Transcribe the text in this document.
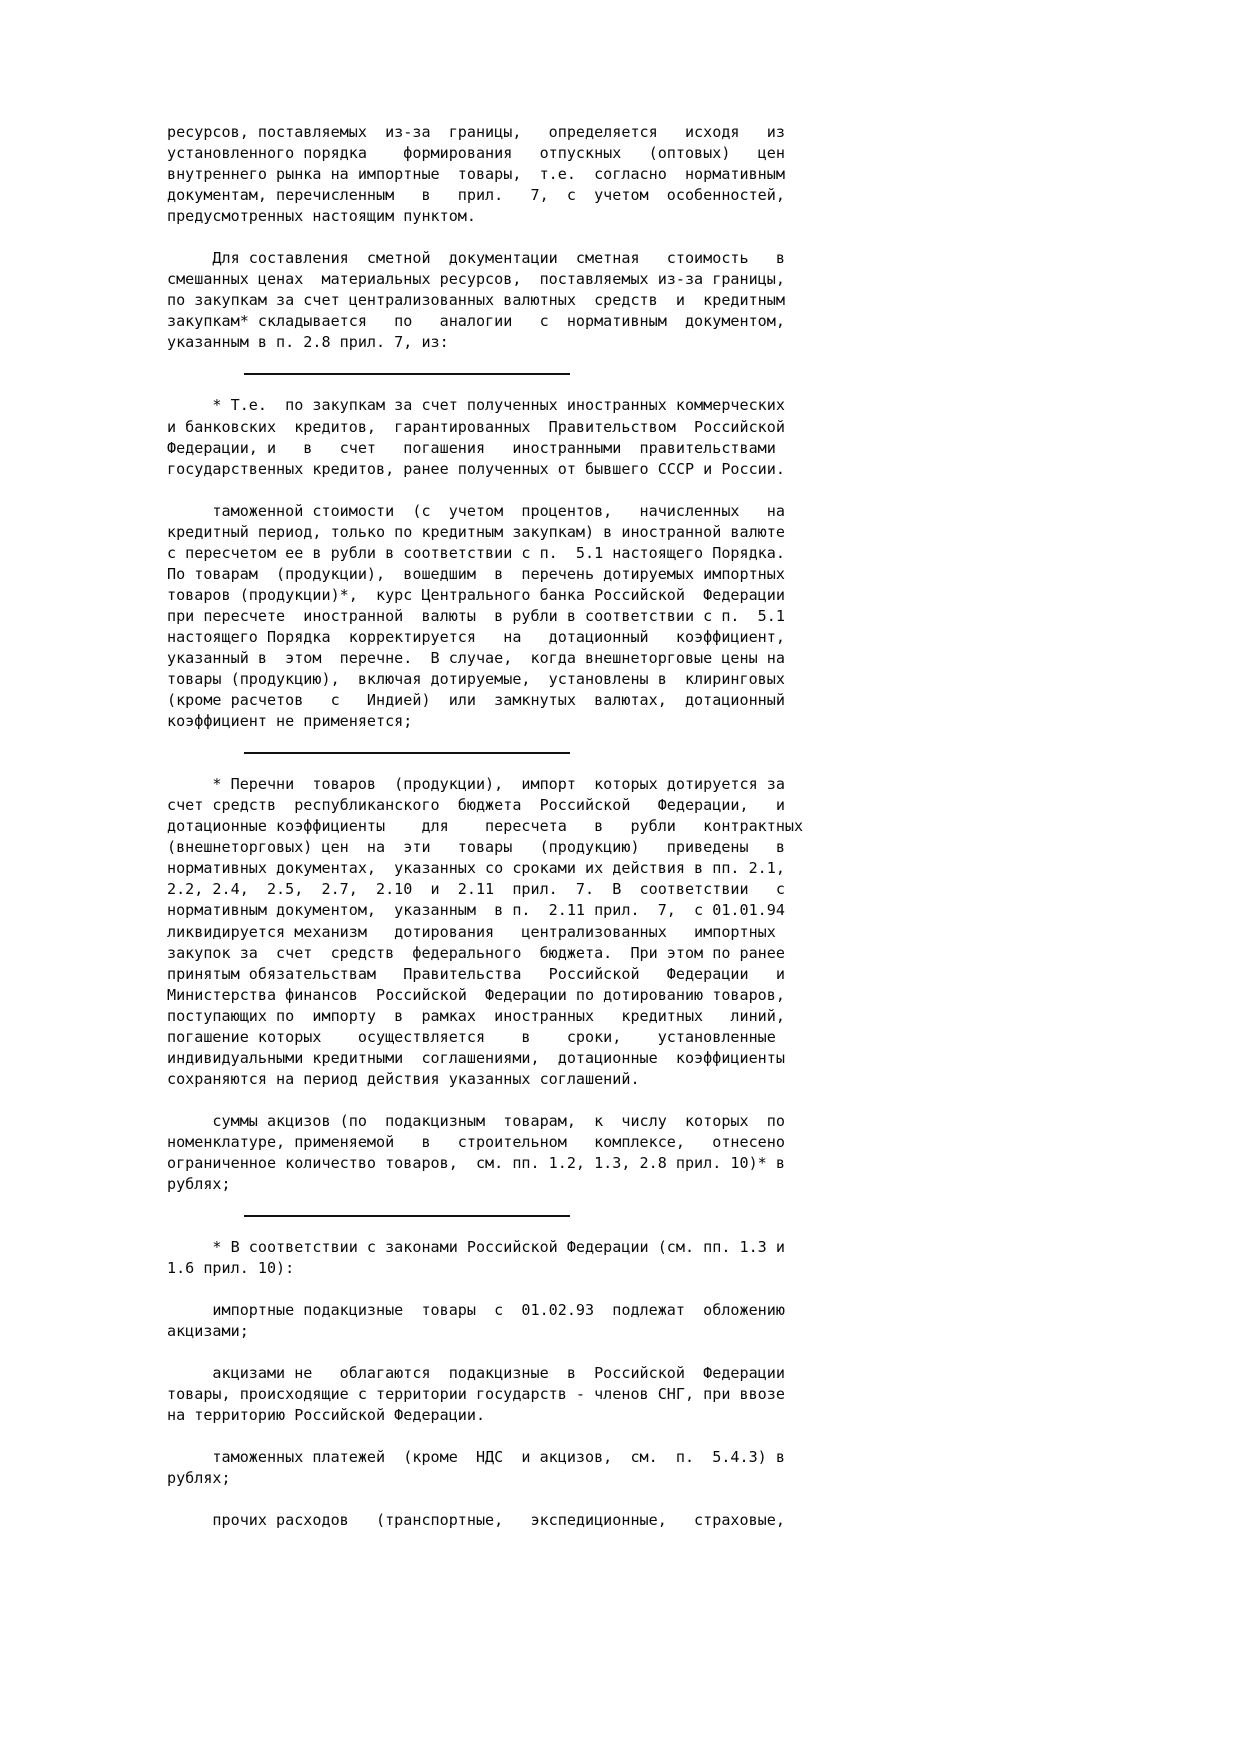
ресурсов, поставляемых  из-за  границы,   определяется   исходя   из
установленного порядка    формирования   отпускных   (оптовых)   цен
внутреннего рынка на импортные  товары,  т.е.  согласно  нормативным
документам, перечисленным   в   прил.   7,  с  учетом  особенностей,
предусмотренных настоящим пунктом.
Для составления  сметной  документации  сметная   стоимость   в
смешанных ценах  материальных ресурсов,  поставляемых из-за границы,
по закупкам за счет централизованных валютных  средств  и  кредитным
закупкам* складывается   по   аналогии   с  нормативным  документом,
указанным в п. 2.8 прил. 7, из:
* Т.е.  по закупкам за счет полученных иностранных коммерческих
и банковских  кредитов,  гарантированных  Правительством  Российской
Федерации, и   в   счет   погашения   иностранными  правительствами
государственных кредитов, ранее полученных от бывшего СССР и России.
таможенной стоимости  (с  учетом  процентов,   начисленных   на
кредитный период, только по кредитным закупкам) в иностранной валюте
с пересчетом ее в рубли в соответствии с п.  5.1 настоящего Порядка.
По товарам  (продукции),  вошедшим  в  перечень дотируемых импортных
товаров (продукции)*,  курс Центрального банка Российской  Федерации
при пересчете  иностранной  валюты  в рубли в соответствии с п.  5.1
настоящего Порядка  корректируется   на   дотационный   коэффициент,
указанный в  этом  перечне.  В случае,  когда внешнеторговые цены на
товары (продукцию),  включая дотируемые,  установлены в  клиринговых
(кроме расчетов   с   Индией)  или  замкнутых  валютах,  дотационный
коэффициент не применяется;
* Перечни  товаров  (продукции),  импорт  которых дотируется за
счет средств  республиканского  бюджета  Российской   Федерации,   и
дотационные коэффициенты    для    пересчета   в   рубли   контрактных
(внешнеторговых) цен  на  эти   товары   (продукцию)   приведены   в
нормативных документах,  указанных со сроками их действия в пп. 2.1,
2.2, 2.4,  2.5,  2.7,  2.10  и  2.11  прил.  7.  В  соответствии   с
нормативным документом,  указанным  в п.  2.11 прил.  7,  с 01.01.94
ликвидируется механизм   дотирования   централизованных   импортных
закупок за  счет  средств  федерального  бюджета.  При этом по ранее
принятым обязательствам   Правительства   Российской   Федерации   и
Министерства финансов  Российской  Федерации по дотированию товаров,
поступающих по  импорту  в  рамках  иностранных   кредитных   линий,
погашение которых    осуществляется    в    сроки,    установленные
индивидуальными кредитными  соглашениями,  дотационные  коэффициенты
сохраняются на период действия указанных соглашений.
суммы акцизов (по  подакцизным  товарам,  к  числу  которых  по
номенклатуре, применяемой   в   строительном   комплексе,   отнесено
ограниченное количество товаров,  см. пп. 1.2, 1.3, 2.8 прил. 10)* в
рублях;
* В соответствии с законами Российской Федерации (см. пп. 1.3 и
1.6 прил. 10):
импортные подакцизные  товары  с  01.02.93  подлежат  обложению
акцизами;
акцизами не   облагаются  подакцизные  в  Российской  Федерации
товары, происходящие с территории государств - членов СНГ, при ввозе
на территорию Российской Федерации.
таможенных платежей  (кроме  НДС  и акцизов,  см.  п.  5.4.3) в
рублях;
прочих расходов   (транспортные,   экспедиционные,   страховые,
